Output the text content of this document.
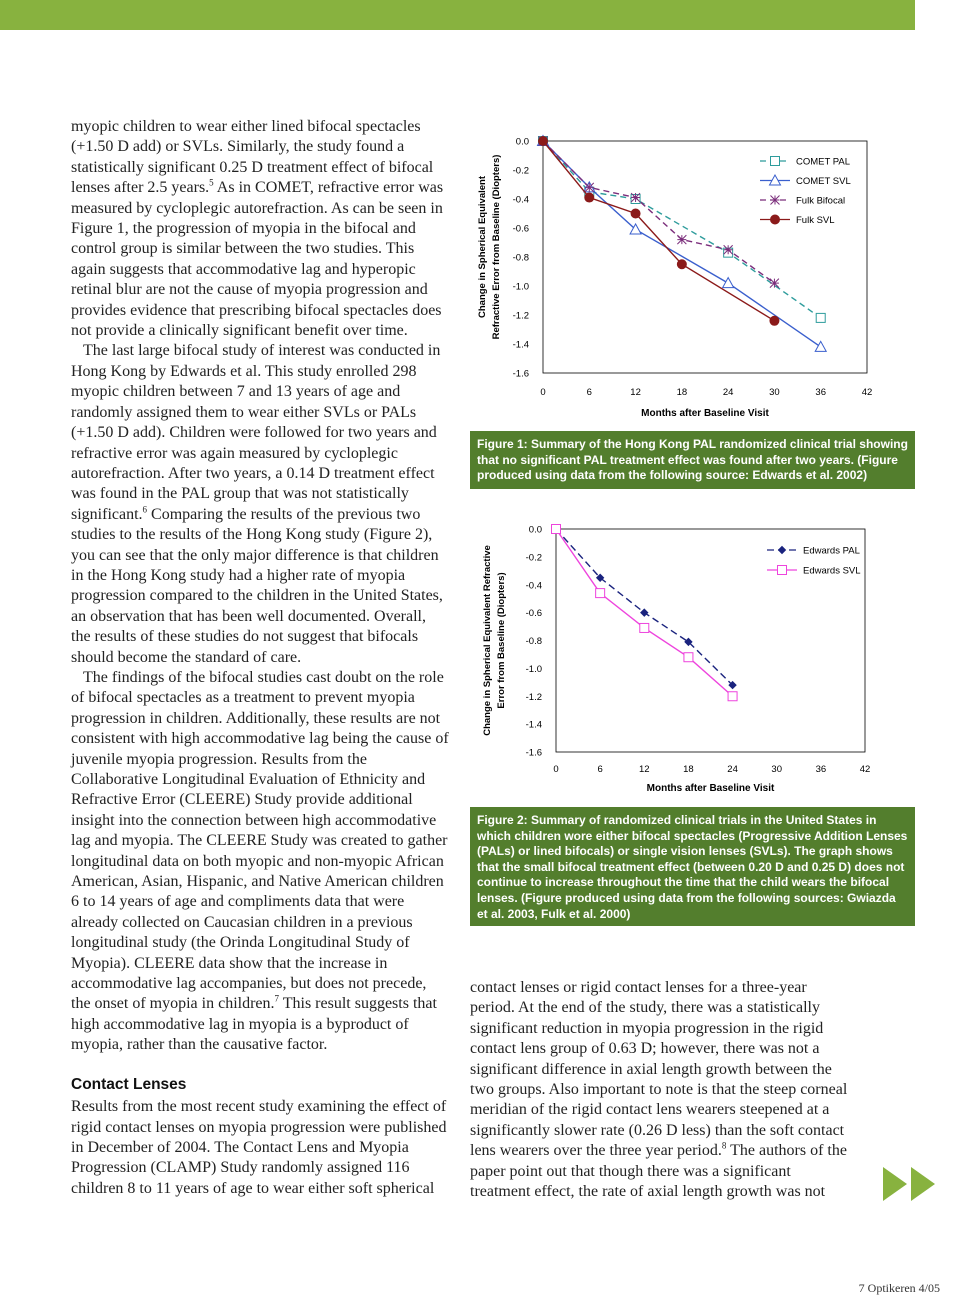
myopic children to wear either lined bifocal spectacles (+1.50 D add) or SVLs. Similarly, the study found a statistically significant 0.25 D treatment effect of bifocal lenses after 2.5 years.$^5$ As in COMET, refractive error was measured by cycloplegic autorefraction. As can be seen in Figure 1, the progression of myopia in the bifocal and control group is similar between the two studies. This again suggests that accommodative lag and hyperopic retinal blur are not the cause of myopia progression and provides evidence that prescribing bifocal spectacles does not provide a clinically significant benefit over time.

The last large bifocal study of interest was conducted in Hong Kong by Edwards et al. This study enrolled 298 myopic children between 7 and 13 years of age and randomly assigned them to wear either SVLs or PALs (+1.50 D add). Children were followed for two years and refractive error was again measured by cycloplegic autorefraction. After two years, a 0.14 D treatment effect was found in the PAL group that was not statistically significant.$^6$ Comparing the results of the previous two studies to the results of the Hong Kong study (Figure 2), you can see that the only major difference is that children in the Hong Kong study had a higher rate of myopia progression compared to the children in the United States, an observation that has been well documented. Overall, the results of these studies do not suggest that bifocals should become the standard of care.

The findings of the bifocal studies cast doubt on the role of bifocal spectacles as a treatment to prevent myopia progression in children. Additionally, these results are not consistent with high accommodative lag being the cause of juvenile myopia progression. Results from the Collaborative Longitudinal Evaluation of Ethnicity and Refractive Error (CLEERE) Study provide additional insight into the connection between high accommodative lag and myopia. The CLEERE Study was created to gather longitudinal data on both myopic and non-myopic African American, Asian, Hispanic, and Native American children 6 to 14 years of age and compliments data that were already collected on Caucasian children in a previous longitudinal study (the Orinda Longitudinal Study of Myopia). CLEERE data show that the increase in accommodative lag accompanies, but does not precede, the onset of myopia in children.$^7$ This result suggests that high accommodative lag in myopia is a byproduct of myopia, rather than the causative factor.

Contact Lenses

Results from the most recent study examining the effect of rigid contact lenses on myopia progression were published in December of 2004. The Contact Lens and Myopia Progression (CLAMP) Study randomly assigned 116 children 8 to 11 years of age to wear either soft spherical

0.0
-0.2
-0.4
-0.6
-0.8
-1.0
-1.2
-1.4
-1.6
0	6	12	18	24	30	36	42
Months after Baseline Visit
Change in Spherical Equivalent Refractive Error from Baseline (Diopters)	COMET PAL
COMET SVL
Fulk Bifocal
Fulk SVL
Figure 1: Summary of the Hong Kong PAL randomized clinical trial showing that no significant PAL treatment effect was found after two years. (Figure produced using data from the following source: Edwards et al. 2002)
0.0
-0.2
-0.4
-0.6
-0.8
-1.0
-1.2
-1.4
-1.6
0	6	12	18	24	30	36	42
Months after Baseline Visit
Change in Spherical Equivalent Refractive Error from Baseline (Diopters)
Edwards PAL
Edwards SVL
Figure 2: Summary of randomized clinical trials in the United States in which children wore either bifocal spectacles (Progressive Addition Lenses (PALs) or lined bifocals) or single vision lenses (SVLs). The graph shows that the small bifocal treatment effect (between 0.20 D and 0.25 D) does not continue to increase throughout the time that the child wears the bifocal lenses. (Figure produced using data from the following sources: Gwiazda et al. 2003, Fulk et al. 2000)

contact lenses or rigid contact lenses for a three-year period. At the end of the study, there was a statistically significant reduction in myopia progression in the rigid contact lens group of 0.63 D; however, there was not a significant difference in axial length growth between the two groups. Also important to note is that the steep corneal meridian of the rigid contact lens wearers steepened at a significantly slower rate (0.26 D less) than the soft contact lens wearers over the three year period.$^8$ The authors of the paper point out that though there was a significant treatment effect, the rate of axial length growth was not

7 Optikeren 4/05
